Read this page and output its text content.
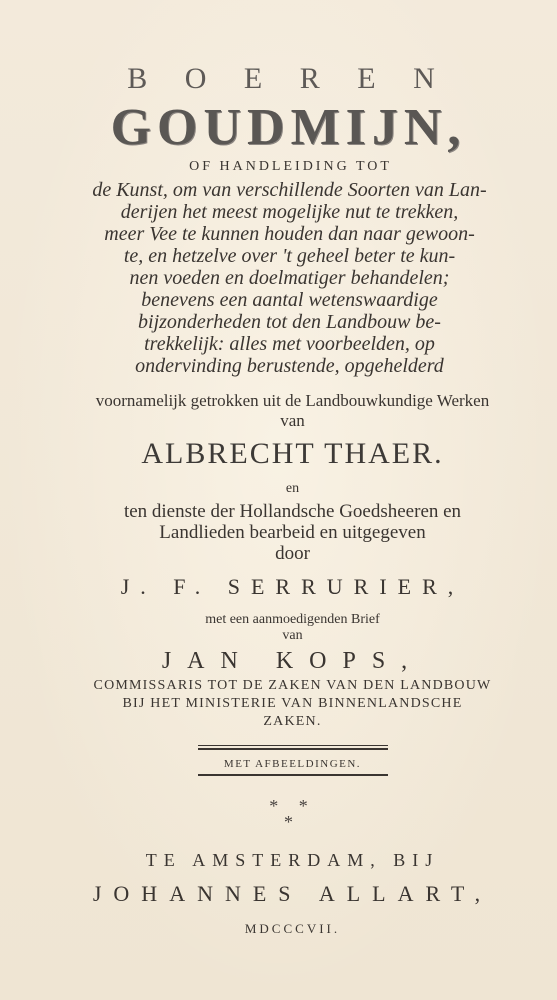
B O E R E N
GOUDMIJN,
OF HANDLEIDING TOT
de Kunst, om van verschillende Soorten van Lan-
derijen het meest mogelijke nut te trekken,
meer Vee te kunnen houden dan naar gewoon-
te, en hetzelve over 't geheel beter te kun-
nen voeden en doelmatiger behandelen;
benevens een aantal wetenswaardige
bijzonderheden tot den Landbouw be-
trekkelijk: alles met voorbeelden, op
ondervinding berustende, opgehelderd
voornamelijk getrokken uit de Landbouwkundige Werken
van
ALBRECHT THAER.
en
ten dienste der Hollandsche Goedsheeren en
Landlieden bearbeid en uitgegeven
door
J. F. SERRURIER,
met een aanmoedigenden Brief
van
JAN KOPS,
COMMISSARIS TOT DE ZAKEN VAN DEN LANDBOUW
BIJ HET MINISTERIE VAN BINNENLANDSCHE
ZAKEN.
MET AFBEELDINGEN.
* *
*
TE AMSTERDAM, BIJ
JOHANNES ALLART,
MDCCCVII.
